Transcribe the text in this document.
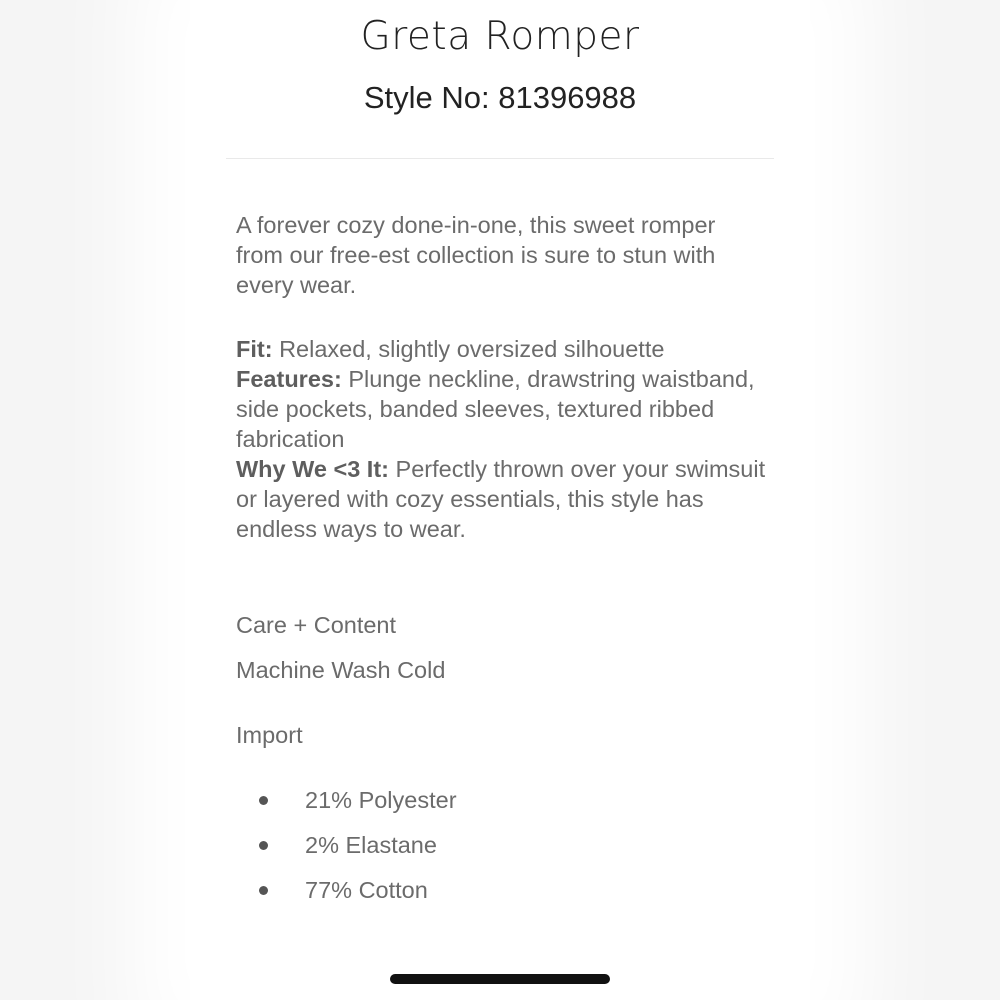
Greta Romper
Style No: 81396988

A forever cozy done-in-one, this sweet romper from our free-est collection is sure to stun with every wear.

Fit: Relaxed, slightly oversized silhouette

Features: Plunge neckline, drawstring waistband, side pockets, banded sleeves, textured ribbed fabrication

Why We <3 It: Perfectly thrown over your swimsuit or layered with cozy essentials, this style has endless ways to wear.

Care + Content
Machine Wash Cold
Import
21% Polyester
2% Elastane
77% Cotton
